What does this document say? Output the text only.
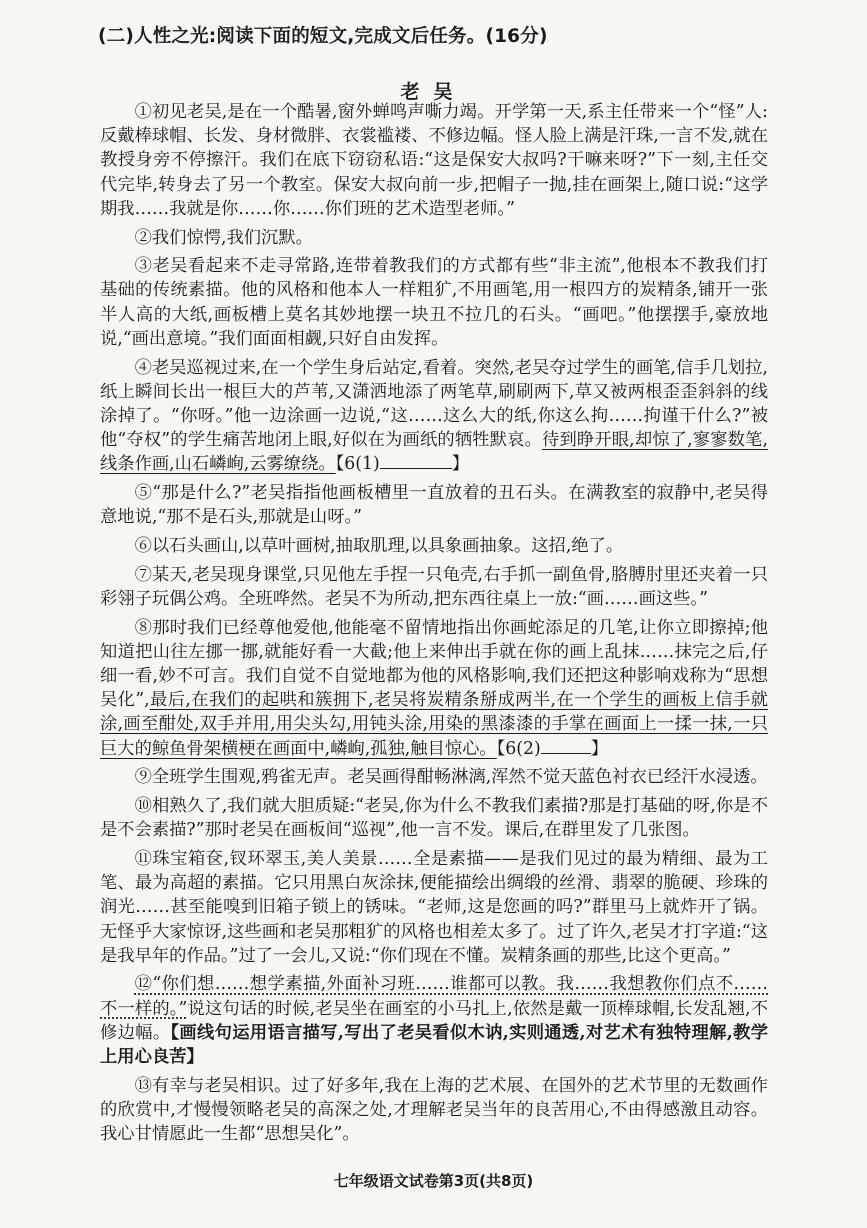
(二)人性之光:阅读下面的短文,完成文后任务。(16分)
老吴

①初见老吴,是在一个酷暑,窗外蝉鸣声嘶力竭。开学第一天,系主任带来一个“怪”人:反戴棒球帽、长发、身材微胖、衣裳褴褛、不修边幅。怪人脸上满是汗珠,一言不发,就在教授身旁不停擦汗。我们在底下窃窃私语:“这是保安大叔吗?干嘛来呀?”下一刻,主任交代完毕,转身去了另一个教室。保安大叔向前一步,把帽子一抛,挂在画架上,随口说:“这学期我……我就是你……你……你们班的艺术造型老师。”

②我们惊愕,我们沉默。

③老吴看起来不走寻常路,连带着教我们的方式都有些“非主流”,他根本不教我们打基础的传统素描。他的风格和他本人一样粗犷,不用画笔,用一根四方的炭精条,铺开一张半人高的大纸,画板槽上莫名其妙地摆一块丑不拉几的石头。“画吧。”他摆摆手,豪放地说,“画出意境。”我们面面相觑,只好自由发挥。

④老吴巡视过来,在一个学生身后站定,看着。突然,老吴夺过学生的画笔,信手几划拉,纸上瞬间长出一根巨大的芦苇,又潇洒地添了两笔草,刷刷两下,草又被两根歪歪斜斜的线涂掉了。“你呀。”他一边涂画一边说,“这……这么大的纸,你这么拘……拘谨干什么?”被他“夺权”的学生痛苦地闭上眼,好似在为画纸的牺牲默哀。待到睁开眼,却惊了,寥寥数笔,线条作画,山石嶙峋,云雾缭绕。【6(1)	】

⑤“那是什么?”老吴指指他画板槽里一直放着的丑石头。在满教室的寂静中,老吴得意地说,“那不是石头,那就是山呀。”

⑥以石头画山,以草叶画树,抽取肌理,以具象画抽象。这招,绝了。

⑦某天,老吴现身课堂,只见他左手捏一只龟壳,右手抓一副鱼骨,胳膊肘里还夹着一只彩翎子玩偶公鸡。全班哗然。老吴不为所动,把东西往桌上一放:“画……画这些。”

⑧那时我们已经尊他爱他,他能毫不留情地指出你画蛇添足的几笔,让你立即擦掉;他知道把山往左挪一挪,就能好看一大截;他上来伸出手就在你的画上乱抹……抹完之后,仔细一看,妙不可言。我们自觉不自觉地都为他的风格影响,我们还把这种影响戏称为“思想吴化”,最后,在我们的起哄和簇拥下,老吴将炭精条掰成两半,在一个学生的画板上信手就涂,画至酣处,双手并用,用尖头勾,用钝头涂,用染的黑漆漆的手掌在画面上一揉一抹,一只巨大的鲸鱼骨架横梗在画面中,嶙峋,孤独,触目惊心。【6(2)	】

⑨全班学生围观,鸦雀无声。老吴画得酣畅淋漓,浑然不觉天蓝色衬衣已经汗水浸透。

⑩相熟久了,我们就大胆质疑:“老吴,你为什么不教我们素描?那是打基础的呀,你是不是不会素描?”那时老吴在画板间“巡视”,他一言不发。课后,在群里发了几张图。

⑪珠宝箱奁,钗环翠玉,美人美景……全是素描——是我们见过的最为精细、最为工笔、最为高超的素描。它只用黑白灰涂抹,便能描绘出绸缎的丝滑、翡翠的脆硬、珍珠的润光……甚至能嗅到旧箱子锁上的锈味。“老师,这是您画的吗?”群里马上就炸开了锅。无怪乎大家惊讶,这些画和老吴那粗犷的风格也相差太多了。过了许久,老吴才打字道:“这是我早年的作品。”过了一会儿,又说:“你们现在不懂。炭精条画的那些,比这个更高。”

⑫“你们想……想学素描,外面补习班……谁都可以教。我……我想教你们点不……不一样的。”说这句话的时候,老吴坐在画室的小马扎上,依然是戴一顶棒球帽,长发乱翘,不修边幅。【画线句运用语言描写,写出了老吴看似木讷,实则通透,对艺术有独特理解,教学上用心良苦】

⑬有幸与老吴相识。过了好多年,我在上海的艺术展、在国外的艺术节里的无数画作的欣赏中,才慢慢领略老吴的高深之处,才理解老吴当年的良苦用心,不由得感激且动容。我心甘情愿此一生都“思想吴化”。

七年级语文试卷第3页(共8页)
